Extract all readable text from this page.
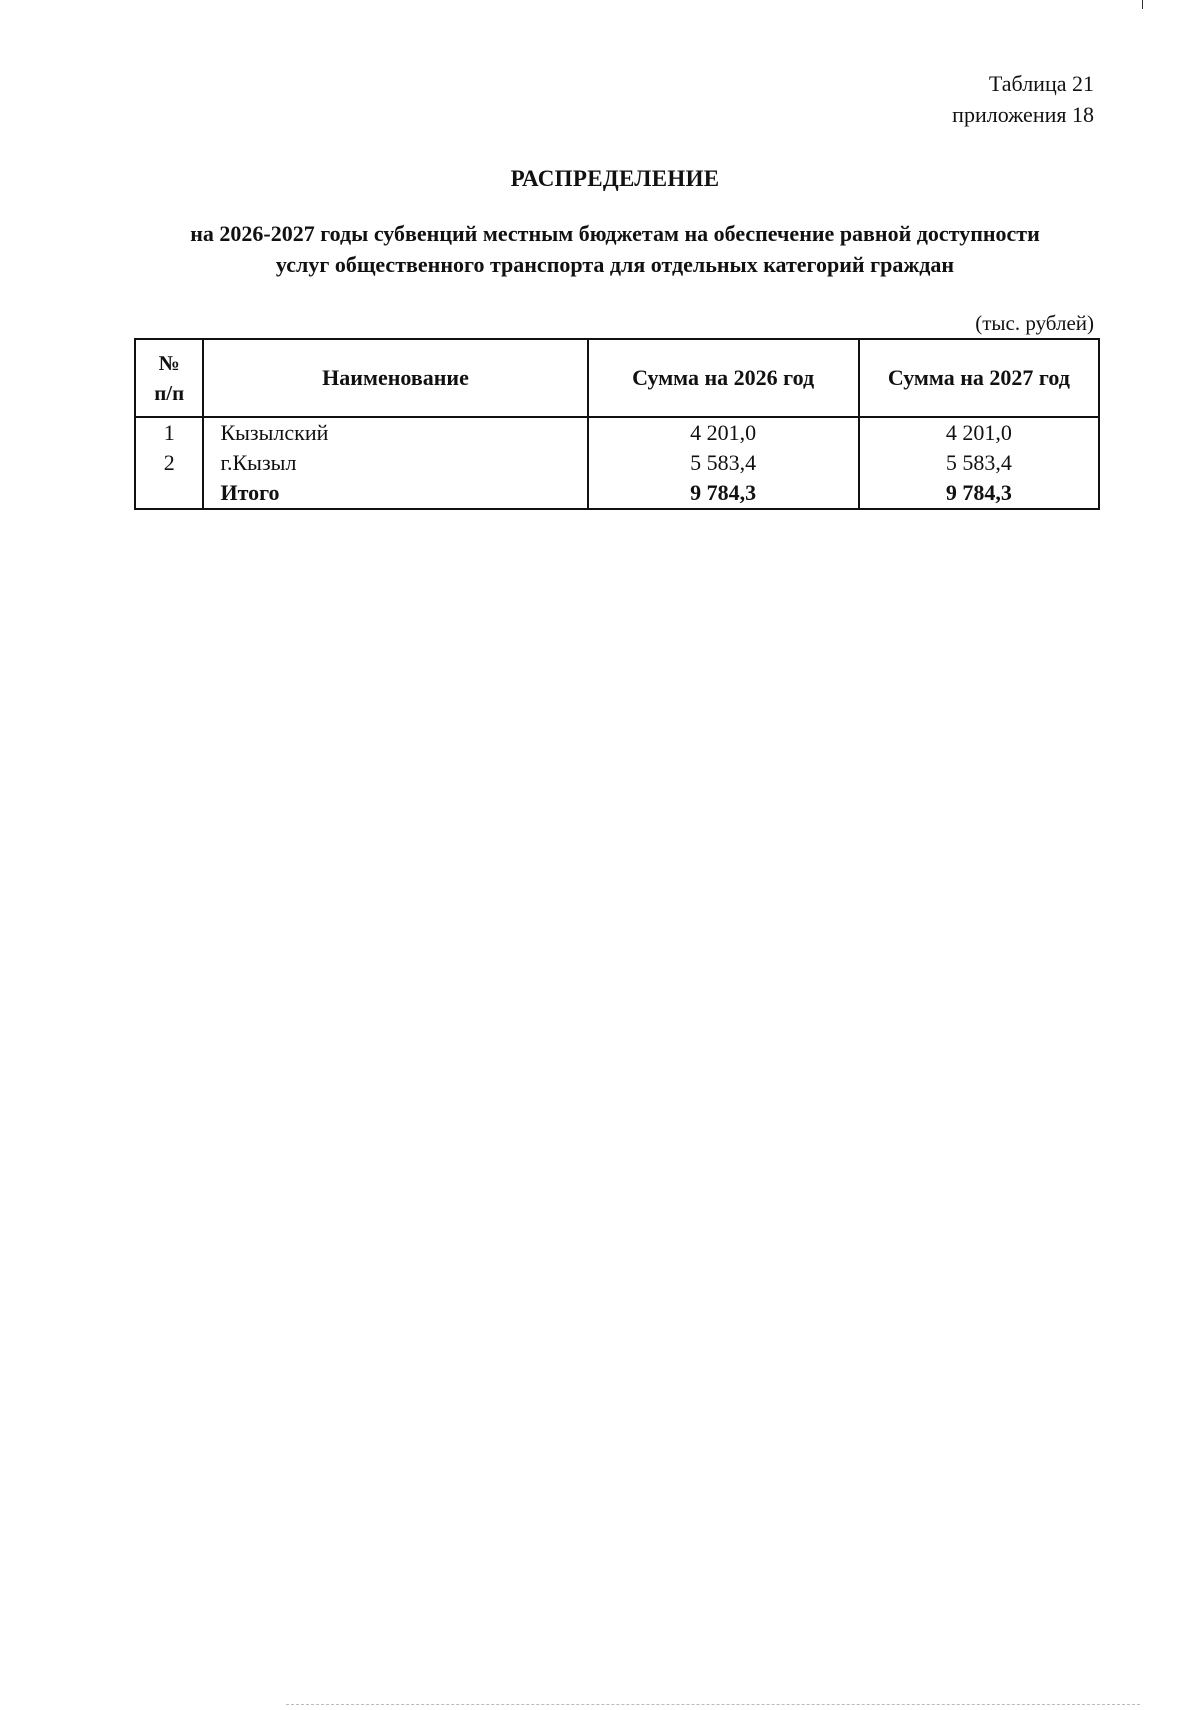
Таблица 21
приложения 18
РАСПРЕДЕЛЕНИЕ
на 2026-2027 годы субвенций местным бюджетам на обеспечение равной доступности
услуг общественного транспорта для отдельных категорий граждан
(тыс. рублей)
№
п/п	Наименование	Сумма на 2026 год	Сумма на 2027 год
1	Кызылский	4 201,0	4 201,0
2	г.Кызыл	5 583,4	5 583,4
	Итого	9 784,3	9 784,3
